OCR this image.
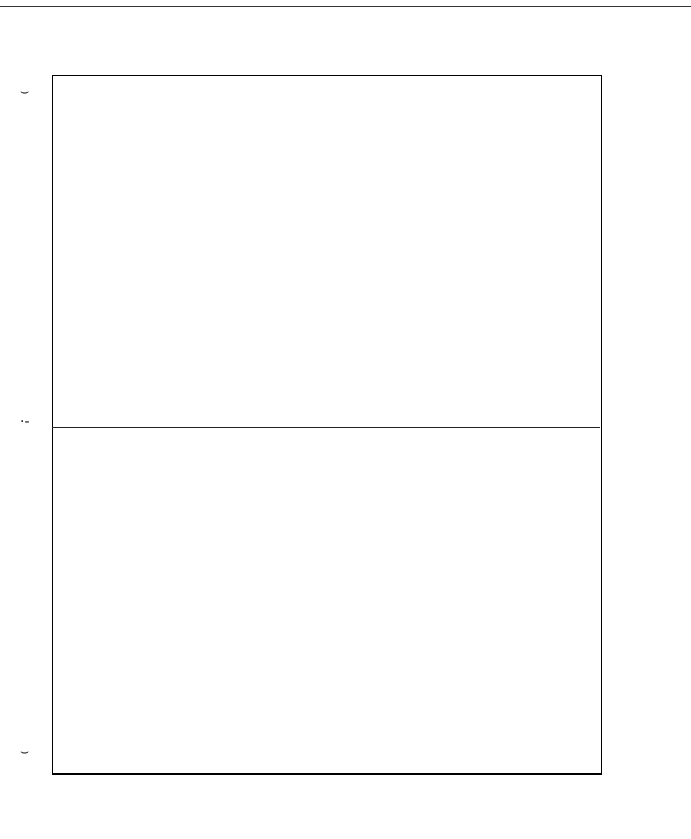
⌣
·-
⌣
